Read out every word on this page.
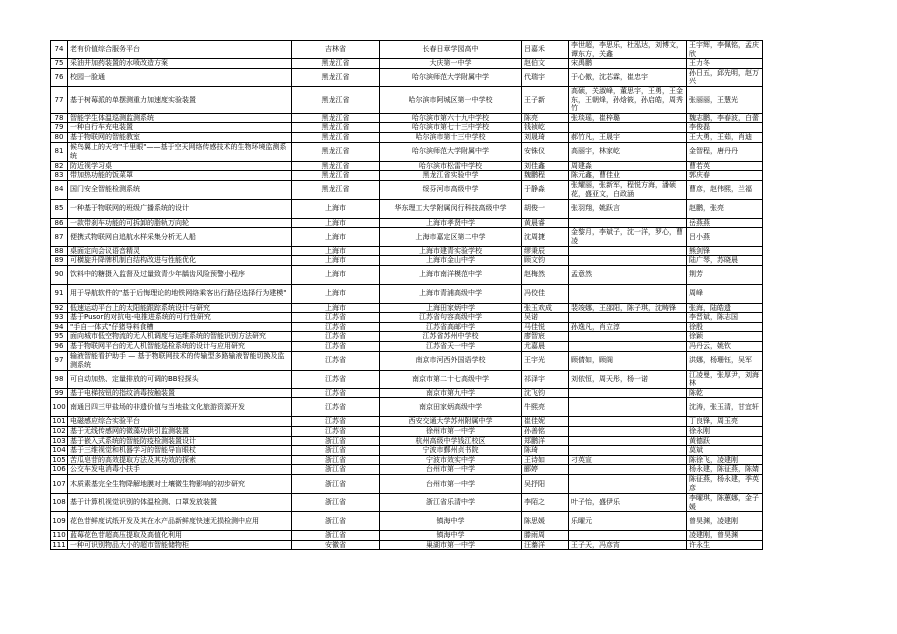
74	老有价值综合服务平台	吉林省	长春日章学园高中	吕嘉禾	李世超，李思乐，杜泓达，刘博文，谭东方，关鑫	王宇辉，李佩铭，孟庆欣
75	采油井加药装置的水喷改造方案	黑龙江省	大庆第一中学	赵伯文	宋禹鹏	王力冬
76	校园一脸通	黑龙江省	哈尔滨师范大学附属中学	代瑞宇	于心傲，沈芯霖，崔忠宇	孙日五，邱先明，赵万兴
77	基于树莓派的单摆测重力加速度实验装置	黑龙江省	哈尔滨市阿城区第一中学校	王子新	高硕，关淑峰，董思宇，王勇，王金东，王朝烽，孙焓筱，孙启皓，周秀竹	张丽丽，王慧光
78	智能学生体温巡测监测系统	黑龙江省	哈尔滨市第六十九中学校	陈亮	张琰瑶，崔梓璐	魏志鹏，李春波，白蕾
79	一种自行车充电装置	黑龙江省	哈尔滨市第七十三中学校	钱祯屹		李俊磊
80	基于物联网的智能教室	黑龙江省	哈尔滨市第十三中学校	刘晟琦	郝竹凡，王晟宇	王大勇，王茹，肖迪
81	候鸟翼上的天穹"千里眼"——基于空天网络传感技术的生物环境监测系统	黑龙江省	哈尔滨师范大学附属中学	安铢仪	高丽宇，林家屹	金智程，唐丹丹
82	防近视学习桌	黑龙江省	哈尔滨市松雷中学校	刘佳鑫	周建淼	曹若英
83	带加热功能的饭菜罩	黑龙江省	黑龙江省实验中学	魏鹏程	陈元鑫，曹佳业	郭庆春
84	国门安全智能检测系统	黑龙江省	绥芬河市高级中学	于静淼	张耀丽，张新军，程悦方海，潘硕花，盛亚文，白政涵	曹彦，赵伟熙，兰福
85	一种基于物联网的班级广播系统的设计	上海市	华东理工大学附属闵行科技高级中学	胡俊一	张羽翔，姚跃言	赵鹏，张亮
86	一款带刹车功能的可拆卸的脂轨万向轮	上海市	上海市孝贤中学	黄晨睿		岳燕燕
87	便携式物联网自追航水样采集分析无人船	上海市	上海市嘉定区第二中学	沈周捷	金黎月，李斌子，沈一洋，罗心，曹凌	吕小燕
88	桌面定向会议语音精灵	上海市	上海市建青实验学校	缪秉辰		熊剑锋
89	可横旋升降牌机制白结构改进与性能优化	上海市	上海市金山中学	顾文钧		陆广琴，苏晓晨
90	饮料中的糖摄入监督及过量致青少年龋齿风险预警小程序	上海市	上海市南洋模范中学	赵梅然	孟意然	荆芳
91	用于导航软件的"基于后悔理论的地铁网络乘客出行路径选择行为建模"	上海市	上海市青浦高级中学	冯佼佳		周峰
92	低速运动平台上的太阳能跟踪系统设计与研究	上海市	上海田家炳中学	张玉欢成	裴竣娜，王邵阳，陈子琪，沈畴锋	张海，陆皓遗
93	基于Pusor的对抗电-电推进系统的可行性研究	江苏省	江苏省句容高级中学	吴诺		李晋斌，陈志国
94	"手自一体式"仔猪导料食槽	江苏省	江苏省高邮中学	马佳悦	孙逸凡，肖立淳	徐殷
95	面向城市低空物流的无人机调度与运维系统的智能识别方法研究	江苏省	江苏省苏州中学校	廖智宸		徐颖
96	基于物联网平台的无人机智能巡检系统的设计与应用研究	江苏省	江苏省天一中学	尤嘉晨		冯丹云，姚钦
97	输液智能看护助手 — 基于物联网技术的传输型多路输液智能切换及监测系统	江苏省	南京市河西外国语学校	王宇光	顾倩如，顾阁	洪娜，杨珊钰，吴军
98	可自动加热、定量排放的可调的BB轻探头	江苏省	南京市第二十七高级中学	祁泽宇	刘依恒，周天彤，杨一诺	江凌曼，张厚尹，刘海林
99	基于电梯按钮的指纹消毒按触装置	江苏省	南京市第九中学	沈飞钧		陈乾
100	南通吕四三甲盐场的非遗价值与当地盐文化旅游资源开发	江苏省	南京田家炳高级中学	牛熙亮		沈涛，张玉清，甘宜轩
101	电磁感应综合实验平台	江苏省	西安交通大学苏州附属中学	崔佳妮		丁良锋，周玉亮
102	基于无线传感网的微藻功供引监测装置	江苏省	徐州市第一中学	孙善铭		徐永刚
103	基于嵌入式系统的智能防疫检测装置设计	浙江省	杭州高级中学钱江校区	郑鹏洋		黄德跃
104	基于三维视觉和机器学习的智能导盲眼杖	浙江省	宁波市鄞州贞书院	陈琦		莫斌
105	苦瓜皂苷的高效提取方法及其功效的探索	浙江省	宁波市效实中学	王诗如	刁英宣	陈徐飞，凌建刚
106	公交车发电消毒小扶手	浙江省	台州市第一中学	郦婷		杨永建，陈征燕，陈婧
107	木质素基完全生物降解地膜对土壤微生物影响的初步研究	浙江省	台州市第一中学	吴抒阳		陈征燕，杨永建，季英彦
108	基于计算机视觉识别的体温检测、口罩发放装置	浙江省	浙江省乐清中学	李陌之	叶子怡，盛伊乐	李曜琪，陈蕙娜，金子媛
109	花色苷鲜度试纸开发及其在水产品新鲜度快速无损检测中应用	浙江省	镇海中学	陈思媛	乐曜元	曾昊渊，凌建刚
110	蓝莓花色苷超高压提取及高值化利用	浙江省	镇海中学	滕雨周		凌建刚，曾昊渊
111	一种可识别物品大小的超市智能储物柜	安徽省	巢湖市第一中学	汪蓁洋	王子天，冯彦宵	许永生
